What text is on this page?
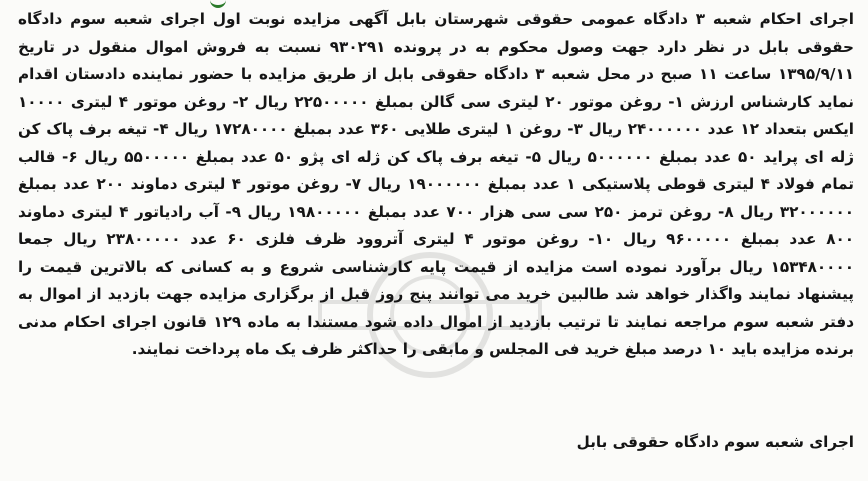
اجرای احکام شعبه ۳ دادگاه عمومی حقوقی شهرستان بابل آگهی مزایده نوبت اول اجرای شعبه سوم دادگاه حقوقی بابل در نظر دارد جهت وصول محکوم به در پرونده ۹۳۰۲۹۱ نسبت به فروش اموال منقول در تاریخ ۱۳۹۵/۹/۱۱ ساعت ۱۱ صبح در محل شعبه ۳ دادگاه حقوقی بابل از طریق مزایده با حضور نماینده دادستان اقدام نماید کارشناس ارزش ۱- روغن موتور ۲۰ لیتری سی گالن بمبلغ ۲۲۵۰۰۰۰۰ ریال ۲- روغن موتور ۴ لیتری ۱۰۰۰۰ ایکس بتعداد ۱۲ عدد ۲۴۰۰۰۰۰۰ ریال ۳- روغن ۱ لیتری طلایی ۳۶۰ عدد بمبلغ ۱۷۲۸۰۰۰۰ ریال ۴- تیغه برف پاک کن ژله ای پراید ۵۰ عدد بمبلغ ۵۰۰۰۰۰۰ ریال ۵- تیغه برف پاک کن ژله ای پژو ۵۰ عدد بمبلغ ۵۵۰۰۰۰۰ ریال ۶- قالب تمام فولاد ۴ لیتری قوطی پلاستیکی ۱ عدد بمبلغ ۱۹۰۰۰۰۰۰ ریال ۷- روغن موتور ۴ لیتری دماوند ۲۰۰ عدد بمبلغ ۳۲۰۰۰۰۰۰ ریال ۸- روغن ترمز ۲۵۰ سی سی هزار ۷۰۰ عدد بمبلغ ۱۹۸۰۰۰۰۰ ریال ۹- آب رادیاتور ۴ لیتری دماوند ۸۰۰ عدد بمبلغ ۹۶۰۰۰۰۰ ریال ۱۰- روغن موتور ۴ لیتری آتروود ظرف فلزی ۶۰ عدد ۲۳۸۰۰۰۰۰ ریال جمعا ۱۵۳۴۸۰۰۰۰ ریال برآورد نموده است مزایده از قیمت پایه کارشناسی شروع و به کسانی که بالاترین قیمت را پیشنهاد نمایند واگذار خواهد شد طالبین خرید می توانند پنج روز قبل از برگزاری مزایده جهت بازدید از اموال به دفتر شعبه سوم مراجعه نمایند تا ترتیب بازدید از اموال داده شود مستندا به ماده ۱۲۹ قانون اجرای احکام مدنی برنده مزایده باید ۱۰ درصد مبلغ خرید فی المجلس و مابقی را حداکثر ظرف یک ماه پرداخت نمایند.

اجرای شعبه سوم دادگاه حقوقی بابل
